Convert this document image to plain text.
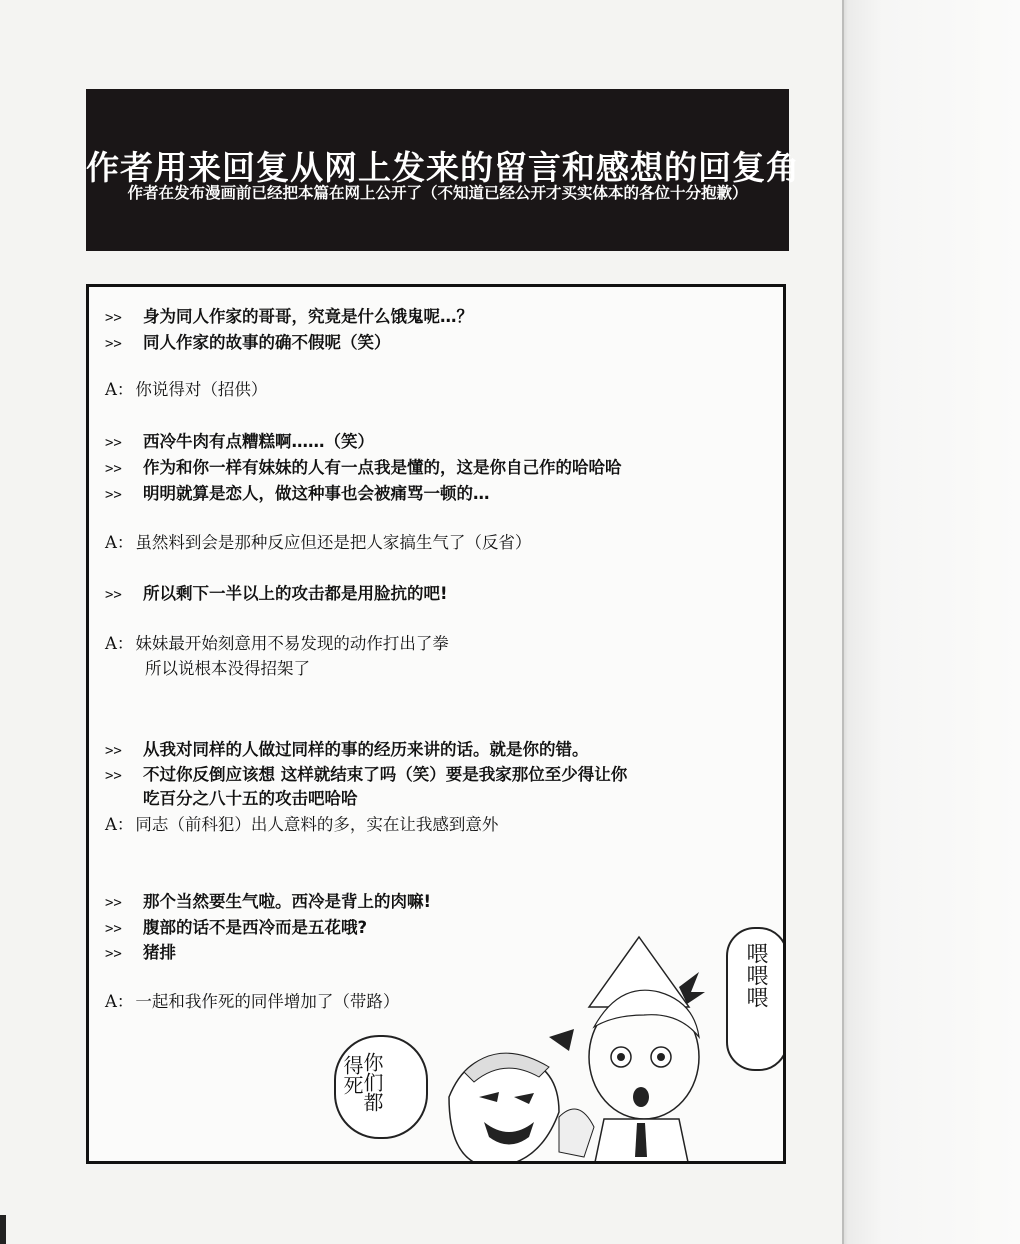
作者用来回复从网上发来的留言和感想的回复角
作者在发布漫画前已经把本篇在网上公开了（不知道已经公开才买实体本的各位十分抱歉）
>> 身为同人作家的哥哥，究竟是什么饿鬼呢…？
>> 同人作家的故事的确不假呢（笑）
A： 你说得对（招供）
>> 西冷牛肉有点糟糕啊……（笑）
>> 作为和你一样有妹妹的人有一点我是懂的，这是你自己作的哈哈哈
>> 明明就算是恋人，做这种事也会被痛骂一顿的…
A： 虽然料到会是那种反应但还是把人家搞生气了（反省）
>> 所以剩下一半以上的攻击都是用脸抗的吧!
A： 妹妹最开始刻意用不易发现的动作打出了拳
所以说根本没得招架了
>> 从我对同样的人做过同样的事的经历来讲的话。就是你的错。
>> 不过你反倒应该想 这样就结束了吗（笑）要是我家那位至少得让你
吃百分之八十五的攻击吧哈哈
A： 同志（前科犯）出人意料的多，实在让我感到意外
>> 那个当然要生气啦。西冷是背上的肉嘛!
>> 腹部的话不是西冷而是五花哦?
>> 猪排
A： 一起和我作死的同伴增加了（带路）	喂喂喂
你们都
得死
